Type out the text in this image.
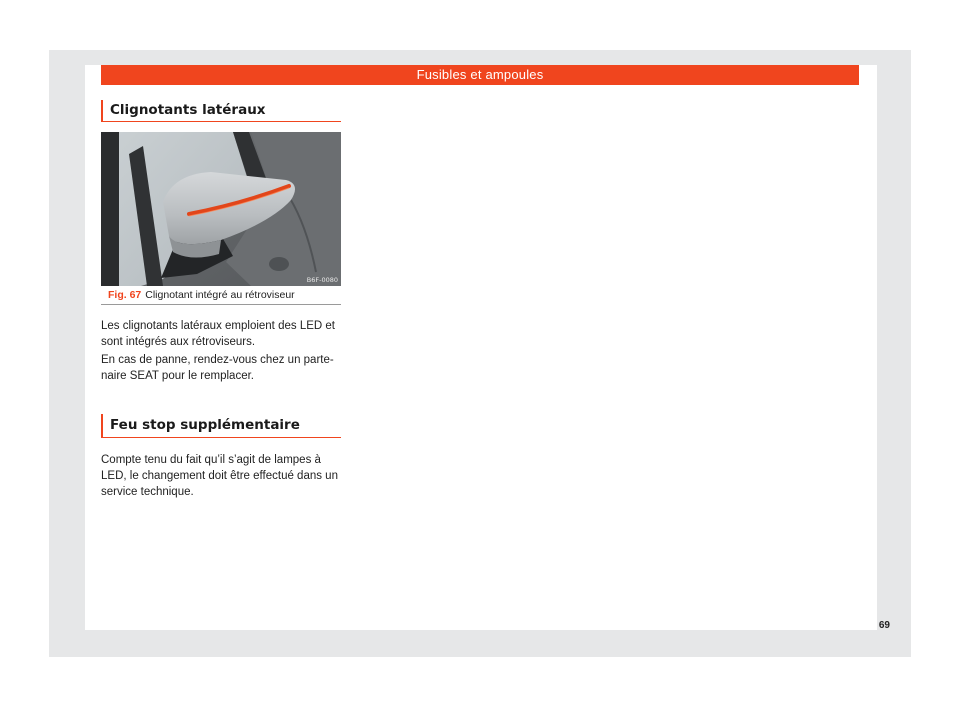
Fusibles et ampoules
Clignotants latéraux
B6F-0080
Fig. 67 Clignotant intégré au rétroviseur

Les clignotants latéraux emploient des LED et sont intégrés aux rétroviseurs.

En cas de panne, rendez-vous chez un parte-naire SEAT pour le remplacer.

Feu stop supplémentaire

Compte tenu du fait qu’il s’agit de lampes à LED, le changement doit être effectué dans un service technique.

69
